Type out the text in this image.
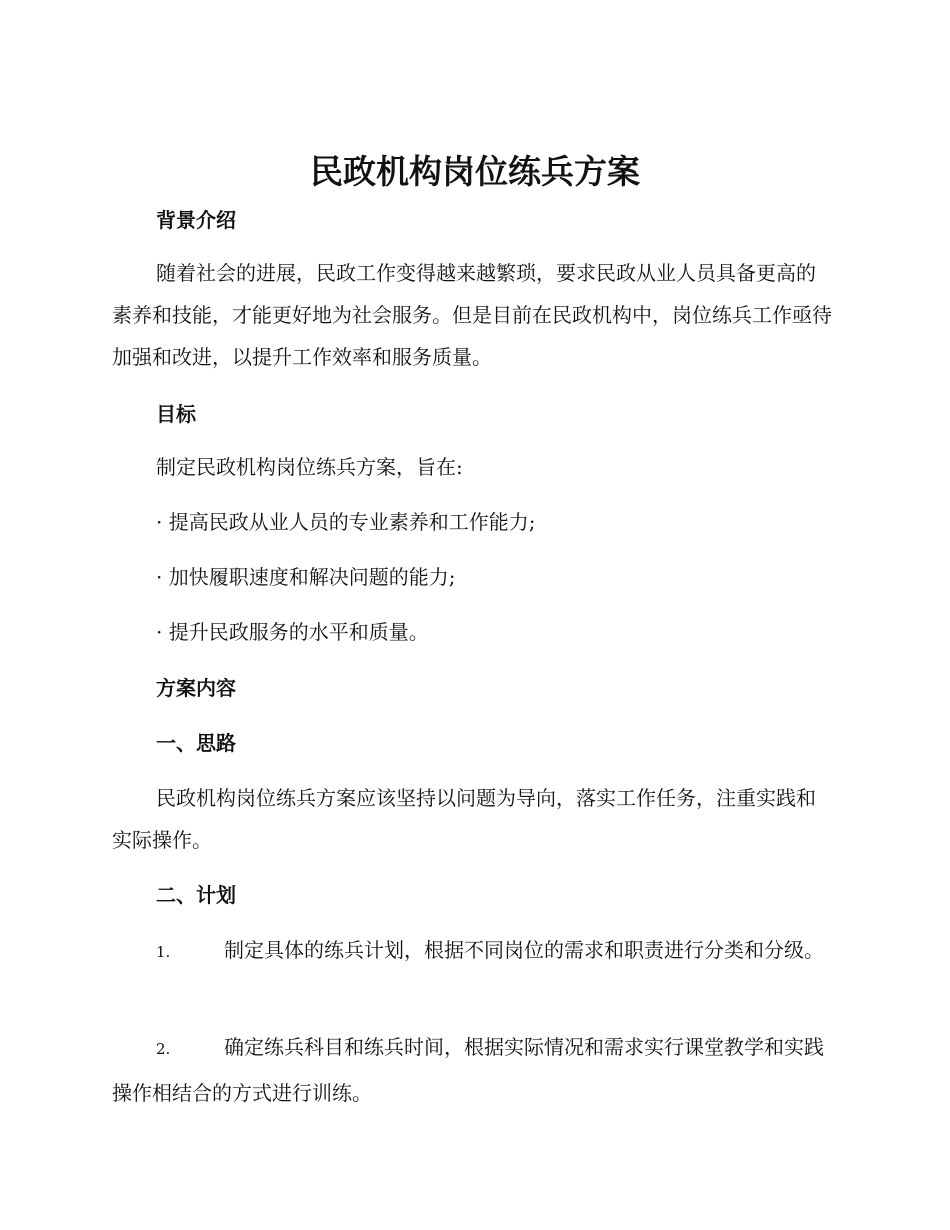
民政机构岗位练兵方案
背景介绍

随着社会的进展，民政工作变得越来越繁琐，要求民政从业人员具备更高的素养和技能，才能更好地为社会服务。但是目前在民政机构中，岗位练兵工作亟待加强和改进，以提升工作效率和服务质量。

目标

制定民政机构岗位练兵方案，旨在:

· 提高民政从业人员的专业素养和工作能力;

· 加快履职速度和解决问题的能力;

· 提升民政服务的水平和质量。

方案内容
一、思路

民政机构岗位练兵方案应该坚持以问题为导向，落实工作任务，注重实践和实际操作。

二、计划

1.	制定具体的练兵计划，根据不同岗位的需求和职责进行分类和分级。

2.	确定练兵科目和练兵时间，根据实际情况和需求实行课堂教学和实践操作相结合的方式进行训练。
